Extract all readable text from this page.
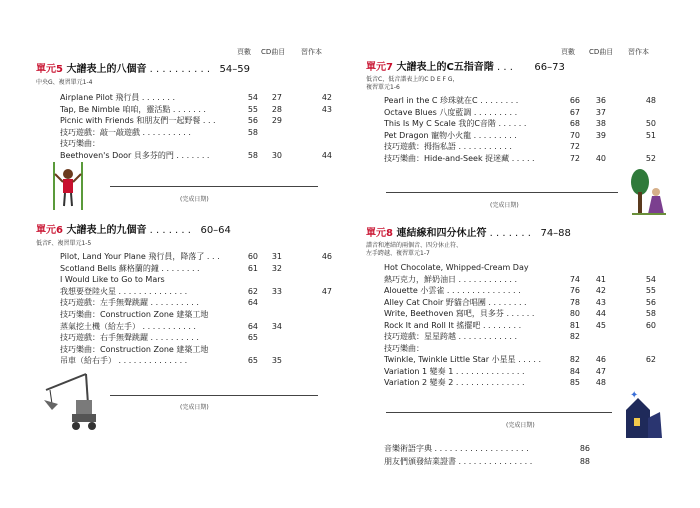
頁數 CD曲目 習作本
單元5 大譜表上的八個音 . . . . . . . . . . 54–59
中央G、複習單元1-4
Airplane Pilot 飛行員 . . . . . . .	54	27	42
Tap, Be Nimble 咱咱，靈活點 . . . . . . .	55	28	43
Picnic with Friends 和朋友們一起野餐 . . .	56	29
技巧遊戲：敲一敲遊戲 . . . . . . . . . .	58
技巧樂曲：
Beethoven's Door 貝多芬的門 . . . . . . .	58	30	44
(完成日期)
單元6 大譜表上的九個音 . . . . . . . 60–64
低音F、複習單元1-5
Pilot, Land Your Plane 飛行員，降落了 . . .	60	31	46
Scotland Bells 蘇格蘭的鐘 . . . . . . . .	61	32
I Would Like to Go to Mars
我想要登陸火星 . . . . . . . . . . . . . .	62	33	47
技巧遊戲：左手無聲跳躍 . . . . . . . . . .	64
技巧樂曲：Construction Zone 建築工地
蒸氣挖土機（給左手） . . . . . . . . . . .	64	34
技巧遊戲：右手無聲跳躍 . . . . . . . . . .	65
技巧樂曲：Construction Zone 建築工地
吊車（給右手） . . . . . . . . . . . . . .	65	35
(完成日期)
頁數 CD曲目 習作本
單元7 大譜表上的C五指音階 . . . 66–73
低音C，低音譜表上的C D E F G，
複習單元1-6
Pearl in the C 珍珠就在C . . . . . . . .	66	36	48
Octave Blues 八度藍調 . . . . . . . . .	67	37
This Is My C Scale 我的C音階 . . . . . .	68	38	50
Pet Dragon 寵物小火龍 . . . . . . . . .	70	39	51
技巧遊戲：拇指私語 . . . . . . . . . . .	72
技巧樂曲：Hide-and-Seek 捉迷藏 . . . . .	72	40	52
(完成日期)
單元8 連結線和四分休止符 . . . . . . . 74–88
譜音和連結的兩個音、四分休止符、
左手跨越、複習單元1-7
Hot Chocolate, Whipped-Cream Day
熱巧克力，鮮奶油日 . . . . . . . . . . . .	74	41	54
Alouette 小雲雀 . . . . . . . . . . . . . . .	76	42	55
Alley Cat Choir 野貓合唱團 . . . . . . . .	78	43	56
Write, Beethoven 寫吧，貝多芬 . . . . . .	80	44	58
Rock It and Roll It 搖擺吧 . . . . . . . .	81	45	60
技巧遊戲：星星跨越 . . . . . . . . . . . .	82
技巧樂曲：
Twinkle, Twinkle Little Star 小星星 . . . . .	82	46	62
Variation 1 變奏 1 . . . . . . . . . . . . . .	84	47
Variation 2 變奏 2 . . . . . . . . . . . . . .	85	48
✦
(完成日期)
音樂術語字典 . . . . . . . . . . . . . . . . . . .	86
朋友們頒發結業證書 . . . . . . . . . . . . . . .	88
